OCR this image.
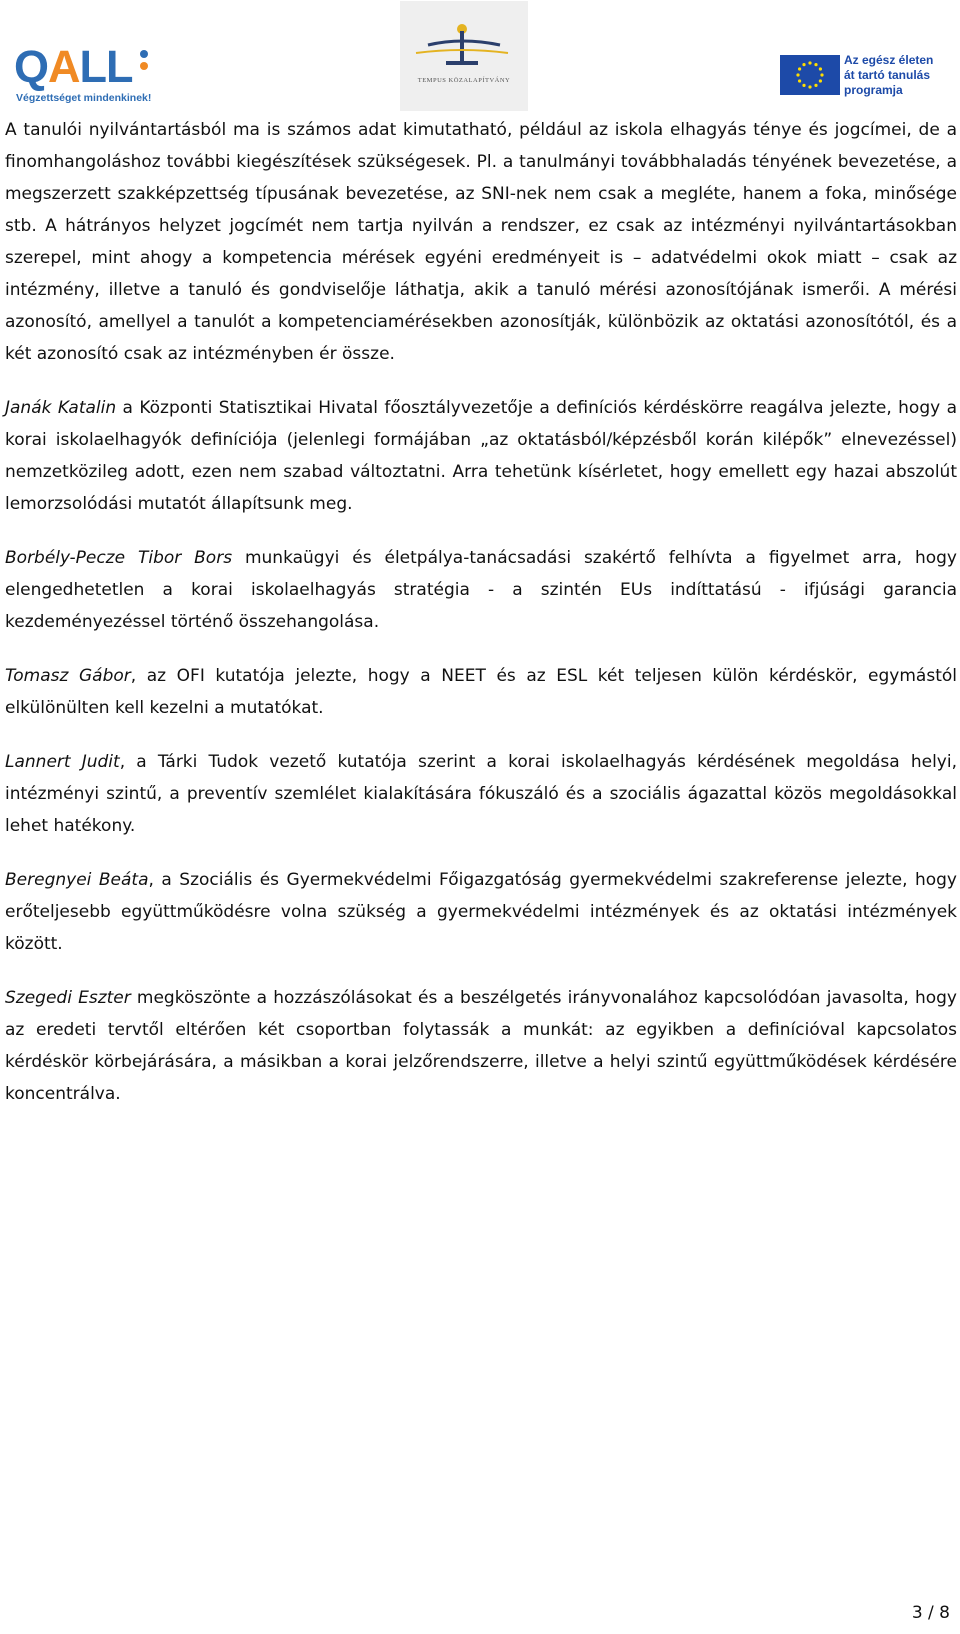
QALL
Végzettséget mindenkinek!
TEMPUS KÖZALAPÍTVÁNY
Az egész életen
át tartó tanulás
programja

A tanulói nyilvántartásból ma is számos adat kimutatható, például az iskola elhagyás ténye és jogcímei, de a finomhangoláshoz további kiegészítések szükségesek. Pl. a tanulmányi továbbhaladás tényének bevezetése, a megszerzett szakképzettség típusának bevezetése, az SNI-nek nem csak a megléte, hanem a foka, minősége stb. A hátrányos helyzet jogcímét nem tartja nyilván a rendszer, ez csak az intézményi nyilvántartásokban szerepel, mint ahogy a kompetencia mérések egyéni eredményeit is – adatvédelmi okok miatt – csak az intézmény, illetve a tanuló és gondviselője láthatja, akik a tanuló mérési azonosítójának ismerői. A mérési azonosító, amellyel a tanulót a kompetenciamérésekben azonosítják, különbözik az oktatási azonosítótól, és a két azonosító csak az intézményben ér össze.

Janák Katalin a Központi Statisztikai Hivatal főosztályvezetője a definíciós kérdéskörre reagálva jelezte, hogy a korai iskolaelhagyók definíciója (jelenlegi formájában „az oktatásból/képzésből korán kilépők” elnevezéssel) nemzetközileg adott, ezen nem szabad változtatni. Arra tehetünk kísérletet, hogy emellett egy hazai abszolút lemorzsolódási mutatót állapítsunk meg.

Borbély-Pecze Tibor Bors munkaügyi és életpálya-tanácsadási szakértő felhívta a figyelmet arra, hogy elengedhetetlen a korai iskolaelhagyás stratégia - a szintén EUs indíttatású - ifjúsági garancia kezdeményezéssel történő összehangolása.

Tomasz Gábor, az OFI kutatója jelezte, hogy a NEET és az ESL két teljesen külön kérdéskör, egymástól elkülönülten kell kezelni a mutatókat.

Lannert Judit, a Tárki Tudok vezető kutatója szerint a korai iskolaelhagyás kérdésének megoldása helyi, intézményi szintű, a preventív szemlélet kialakítására fókuszáló és a szociális ágazattal közös megoldásokkal lehet hatékony.

Beregnyei Beáta, a Szociális és Gyermekvédelmi Főigazgatóság gyermekvédelmi szakreferense jelezte, hogy erőteljesebb együttműködésre volna szükség a gyermekvédelmi intézmények és az oktatási intézmények között.

Szegedi Eszter megköszönte a hozzászólásokat és a beszélgetés irányvonalához kapcsolódóan javasolta, hogy az eredeti tervtől eltérően két csoportban folytassák a munkát: az egyikben a definícióval kapcsolatos kérdéskör körbejárására, a másikban a korai jelzőrendszerre, illetve a helyi szintű együttműködések kérdésére koncentrálva.

3 / 8
